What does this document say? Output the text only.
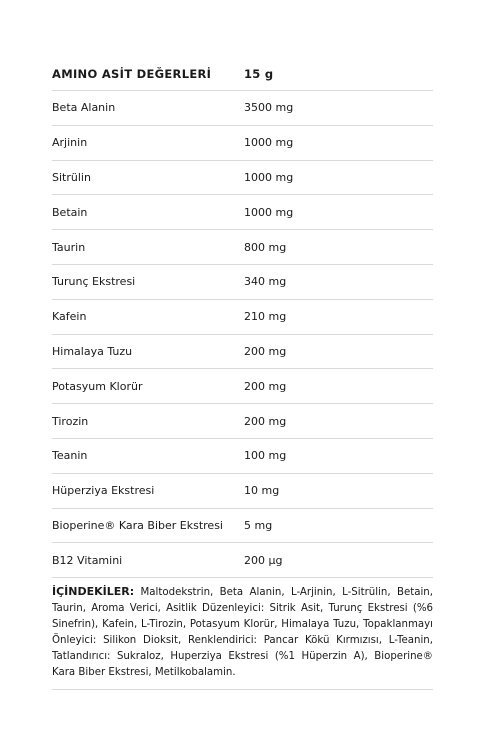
AMINO ASİT DEĞERLERİ	15 g
Beta Alanin	3500 mg
Arjinin	1000 mg
Sitrülin	1000 mg
Betain	1000 mg
Taurin	800 mg
Turunç Ekstresi	340 mg
Kafein	210 mg
Himalaya Tuzu	200 mg
Potasyum Klorür	200 mg
Tirozin	200 mg
Teanin	100 mg
Hüperziya Ekstresi	10 mg
Bioperine® Kara Biber Ekstresi	5 mg
B12 Vitamini	200 µg
İÇİNDEKİLER: Maltodekstrin, Beta Alanin, L-Arjinin, L-Sitrülin, Betain, Taurin, Aroma Verici, Asitlik Düzenleyici: Sitrik Asit, Turunç Ekstresi (%6 Sinefrin), Kafein, L-Tirozin, Potasyum Klorür, Himalaya Tuzu, Topaklanmayı Önleyici: Silikon Dioksit, Renklendirici: Pancar Kökü Kırmızısı, L-Teanin, Tatlandırıcı: Sukraloz, Huperziya Ekstresi (%1 Hüperzin A), Bioperine® Kara Biber Ekstresi, Metilkobalamin.
